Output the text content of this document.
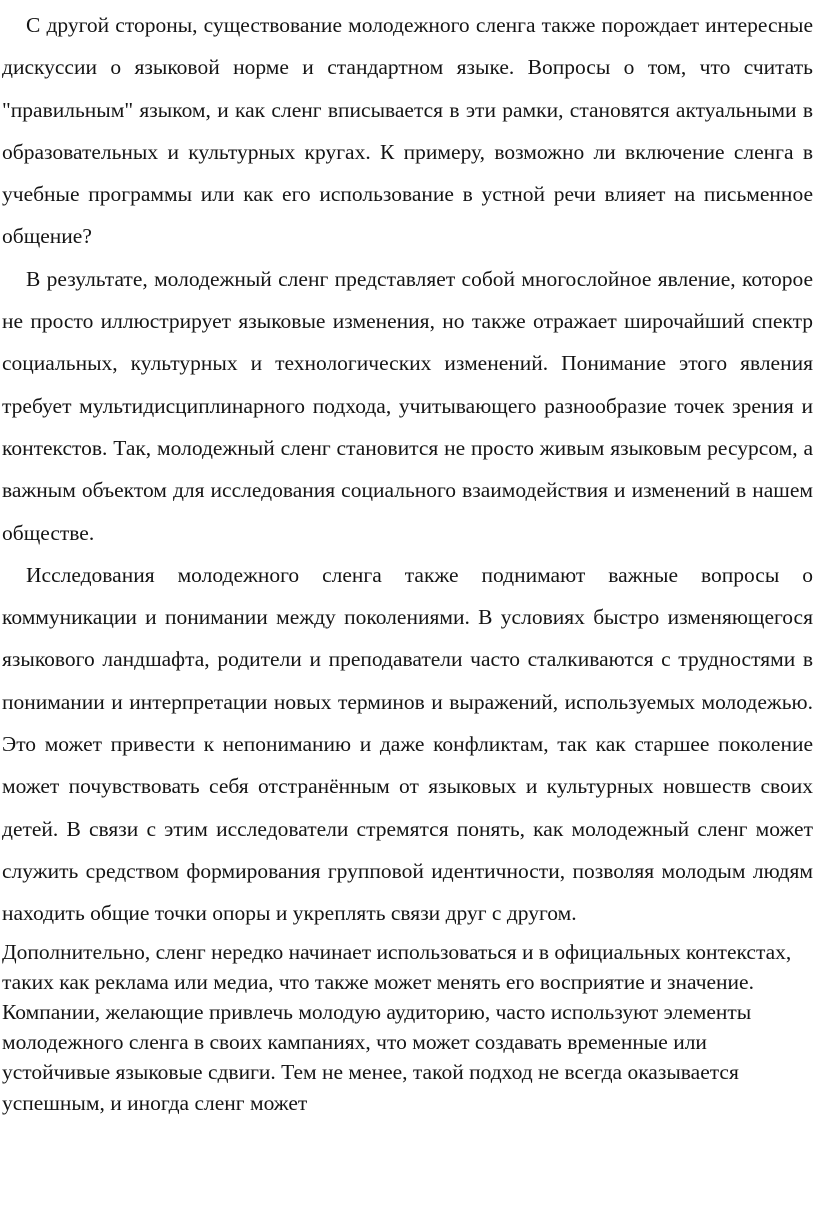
С другой стороны, существование молодежного сленга также порождает интересные дискуссии о языковой норме и стандартном языке. Вопросы о том, что считать "правильным" языком, и как сленг вписывается в эти рамки, становятся актуальными в образовательных и культурных кругах. К примеру, возможно ли включение сленга в учебные программы или как его использование в устной речи влияет на письменное общение?

В результате, молодежный сленг представляет собой многослойное явление, которое не просто иллюстрирует языковые изменения, но также отражает широчайший спектр социальных, культурных и технологических изменений. Понимание этого явления требует мультидисциплинарного подхода, учитывающего разнообразие точек зрения и контекстов. Так, молодежный сленг становится не просто живым языковым ресурсом, а важным объектом для исследования социального взаимодействия и изменений в нашем обществе.

Исследования молодежного сленга также поднимают важные вопросы о коммуникации и понимании между поколениями. В условиях быстро изменяющегося языкового ландшафта, родители и преподаватели часто сталкиваются с трудностями в понимании и интерпретации новых терминов и выражений, используемых молодежью. Это может привести к непониманию и даже конфликтам, так как старшее поколение может почувствовать себя отстранённым от языковых и культурных новшеств своих детей. В связи с этим исследователи стремятся понять, как молодежный сленг может служить средством формирования групповой идентичности, позволяя молодым людям находить общие точки опоры и укреплять связи друг с другом.

Дополнительно, сленг нередко начинает использоваться и в официальных контекстах, таких как реклама или медиа, что также может менять его восприятие и значение. Компании, желающие привлечь молодую аудиторию, часто используют элементы молодежного сленга в своих кампаниях, что может создавать временные или устойчивые языковые сдвиги. Тем не менее, такой подход не всегда оказывается успешным, и иногда сленг может
